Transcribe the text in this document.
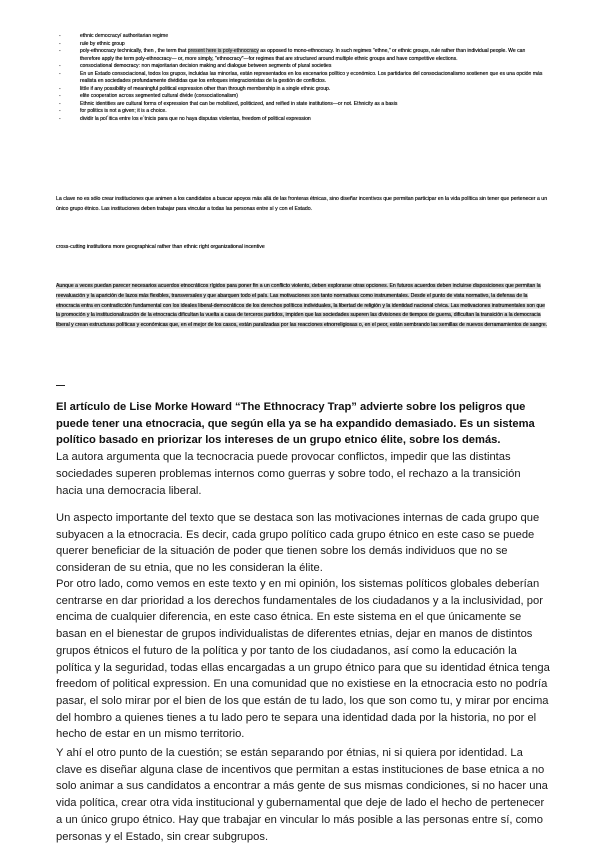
-	ethnic democracy/ authoritarian regime
-	rule by ethnic group
-	poly-ethnocracy technically, then , the term that present here is poly-ethnocracy as opposed to mono-ethnocracy. In such regimes "ethne," or ethnic groups, rule rather than individual people. We can therefore apply the term poly-ethnocracy— or, more simply, "ethnocracy"—for regimes that are structured around multiple ethnic groups and have competitive elections.
-	consociational democracy: non majoritarian decision making and dialogue between segments of plural societies
-	En un Estado consociacional, todos los grupos, incluidas las minorías, están representados en los escenarios político y económico. Los partidarios del consociacionalismo sostienen que es una opción más realista en sociedades profundamente divididas que los enfoques integracionistas de la gestión de conflictos.
-	little if any possibility of meaningful political expression other than through membership in a single ethnic group.
-	elite cooperation across segmented cultural divide (consociationalism)
-	Ethnic identities are cultural forms of expression that can be mobilized, politicized, and reified in state institutions—or not. Ethnicity as a basis
-	for politics is not a given; it is a choice.
-	dividir la pol´itica entre los e´tnicis para que no haya disputas violentas, freedom of political expression

La clave no es sólo crear instituciones que animen a los candidatos a buscar apoyos más allá de las fronteras étnicas, sino diseñar incentivos que permitan participar en la vida política sin tener que pertenecer a un único grupo étnico. Las instituciones deben trabajar para vincular a todas las personas entre sí y con el Estado.

cross-cutting institutions more geographical rather than ethnic right organizational incentive

Aunque a veces puedan parecer necesarios acuerdos etnocráticos rígidos para poner fin a un conflicto violento, deben explorarse otras opciones. En futuros acuerdos deben incluirse disposiciones que permitan la reevaluación y la aparición de lazos más flexibles, transversales y que abarquen todo el país. Las motivaciones son tanto normativas como instrumentales. Desde el punto de vista normativo, la defensa de la etnocracia entra en contradicción fundamental con los ideales liberal-democráticos de los derechos políticos individuales, la libertad de religión y la identidad nacional cívica. Las motivaciones instrumentales son que la promoción y la institucionalización de la etnocracia dificultan la vuelta a casa de terceros partidos, impiden que las sociedades superen las divisiones de tiempos de guerra, dificultan la transición a la democracia liberal y crean estructuras políticas y económicas que, en el mejor de los casos, están paralizadas por las reacciones etnorreligiosas o, en el peor, están sembrando las semillas de nuevos derramamientos de sangre.

El artículo de Lise Morke Howard “The Ethnocracy Trap” advierte sobre los peligros que puede tener una etnocracia, que según ella ya se ha expandido demasiado. Es un sistema político basado en priorizar los intereses de un grupo etnico élite, sobre los demás.
La autora argumenta que la tecnocracia puede provocar conflictos, impedir que las distintas sociedades superen problemas internos como guerras y sobre todo, el rechazo a la transición hacia una democracia liberal.

Un aspecto importante del texto que se destaca son las motivaciones internas de cada grupo que subyacen a la etnocracia. Es decir, cada grupo político cada grupo étnico en este caso se puede querer beneficiar de la situación de poder que tienen sobre los demás individuos que no se consideran de su etnia, que no les consideran la élite.

Por otro lado, como vemos en este texto y en mi opinión, los sistemas políticos globales deberían centrarse en dar prioridad a los derechos fundamentales de los ciudadanos y a la inclusividad, por encima de cualquier diferencia, en este caso étnica. En este sistema en el que únicamente se basan en el bienestar de grupos individualistas de diferentes etnias, dejar en manos de distintos grupos étnicos el futuro de la política y por tanto de los ciudadanos, así como la educación la política y la seguridad, todas ellas encargadas a un grupo étnico para que su identidad étnica tenga freedom of political expression. En una comunidad que no existiese en la etnocracia esto no podría pasar, el solo mirar por el bien de los que están de tu lado, los que son como tu, y mirar por encima del hombro a quienes tienes a tu lado pero te separa una identidad dada por la historia, no por el hecho de estar en un mismo territorio.

Y ahí el otro punto de la cuestión; se están separando por étnias, ni si quiera por identidad. La clave es diseñar alguna clase de incentivos que permitan a estas instituciones de base etnica a no solo animar a sus candidatos a encontrar a más gente de sus mismas condiciones, si no hacer una vida política, crear otra vida institucional y gubernamental que deje de lado el hecho de pertenecer a un único grupo étnico. Hay que trabajar en vincular lo más posible a las personas entre sí, como personas y el Estado, sin crear subgrupos.
